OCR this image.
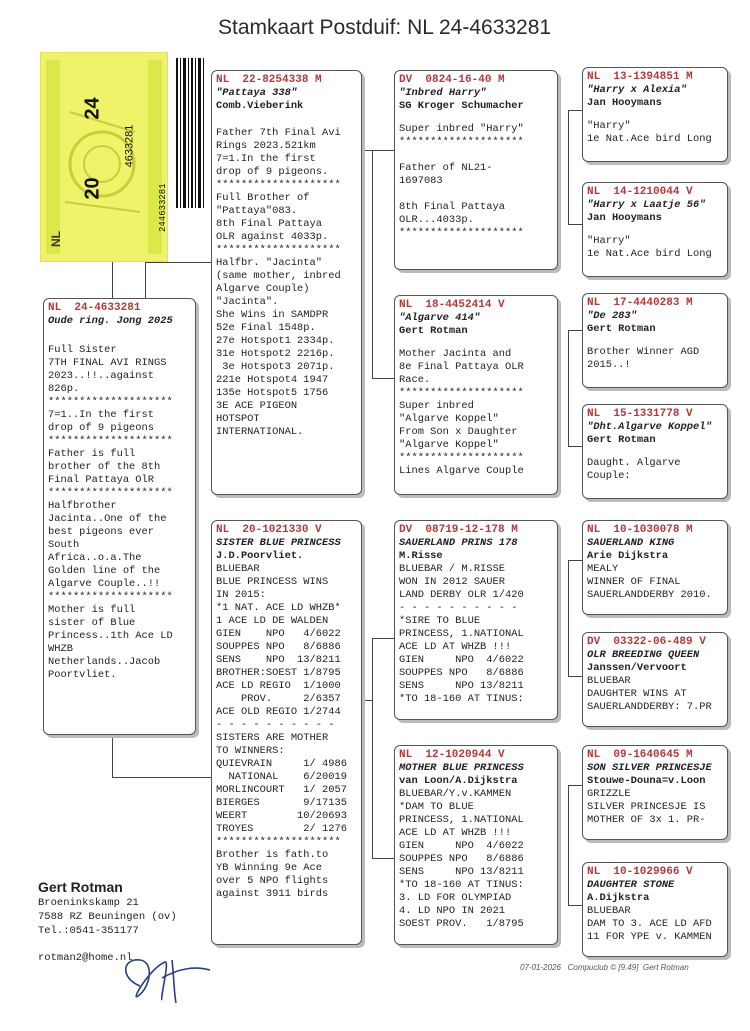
Stamkaart Postduif: NL 24-4633281
20
24
NL
4633281
244633281
NL  24-4633281
Oude ring. Jong 2025
Full Sister
7TH FINAL AVI RINGS
2023..!!..against
826p.
********************
7=1..In the first
drop of 9 pigeons
********************
Father is full
brother of the 8th
Final Pattaya OlR
********************
Halfbrother
Jacinta..One of the
best pigeons ever
South
Africa..o.a.The
Golden line of the
Algarve Couple..!!
********************
Mother is full
sister of Blue
Princess..1th Ace LD
WHZB
Netherlands..Jacob
Poortvliet.
NL  22-8254338 M
"Pattaya 338"
Comb.Vieberink
Father 7th Final Avi
Rings 2023.521km
7=1.In the first
drop of 9 pigeons.
********************
Full Brother of
"Pattaya"083.
8th Final Pattaya
OLR against 4033p.
********************
Halfbr. "Jacinta"
(same mother, inbred
Algarve Couple)
"Jacinta".
She Wins in SAMDPR
52e Final 1548p.
27e Hotspot1 2334p.
31e Hotspot2 2216p.
3e Hotspot3 2071p.
221e Hotspot4 1947
135e Hotspot5 1756
3E ACE PIGEON
HOTSPOT
INTERNATIONAL.
NL  20-1021330 V
SISTER BLUE PRINCESS
J.D.Poorvliet.
BLUEBAR
BLUE PRINCESS WINS
IN 2015:
*1 NAT. ACE LD WHZB*
1 ACE LD DE WALDEN
GIEN    NPO   4/6022
SOUPPES NPO   8/6886
SENS    NPO  13/8211
BROTHER:SOEST 1/8795
ACE LD REGIO  1/1000
PROV.     2/6357
ACE OLD REGIO 1/2744
- - - - - - - - - -
SISTERS ARE MOTHER
TO WINNERS:
QUIEVRAIN     1/ 4986
NATIONAL    6/20019
MORLINCOURT   1/ 2057
BIERGES       9/17135
WEERT        10/20693
TROYES        2/ 1276
********************
Brother is fath.to
YB Winning 9e Ace
over 5 NPO flights
against 3911 birds
DV  0824-16-40 M
"Inbred Harry"
SG Kroger Schumacher
Super inbred "Harry"
********************

Father of NL21-
1697083

8th Final Pattaya
OLR...4033p.
********************
NL  18-4452414 V
"Algarve 414"
Gert Rotman
Mother Jacinta and
8e Final Pattaya OLR
Race.
********************
Super inbred
"Algarve Koppel"
From Son x Daughter
"Algarve Koppel"
********************
Lines Algarve Couple
DV  08719-12-178 M
SAUERLAND PRINS 178
M.Risse
BLUEBAR / M.RISSE
WON IN 2012 SAUER
LAND DERBY OLR 1/420
- - - - - - - - - -
*SIRE TO BLUE
PRINCESS, 1.NATIONAL
ACE LD AT WHZB !!!
GIEN     NPO  4/6022
SOUPPES NPO   8/6886
SENS     NPO 13/8211
*TO 18-160 AT TINUS:
NL  12-1020944 V
MOTHER BLUE PRINCESS
van Loon/A.Dijkstra
BLUEBAR/Y.v.KAMMEN
*DAM TO BLUE
PRINCESS, 1.NATIONAL
ACE LD AT WHZB !!!
GIEN     NPO  4/6022
SOUPPES NPO   8/6886
SENS     NPO 13/8211
*TO 18-160 AT TINUS:
3. LD FOR OLYMPIAD
4. LD NPO IN 2021
SOEST PROV.   1/8795
NL  13-1394851 M
"Harry x Alexia"
Jan Hooymans
"Harry"
1e Nat.Ace bird Long
NL  14-1210044 V
"Harry x Laatje 56"
Jan Hooymans
"Harry"
1e Nat.Ace bird Long
NL  17-4440283 M
"De 283"
Gert Rotman
Brother Winner AGD
2015..!
NL  15-1331778 V
"Dht.Algarve Koppel"
Gert Rotman
Daught. Algarve
Couple:
NL  10-1030078 M
SAUERLAND KING
Arie Dijkstra
MEALY
WINNER OF FINAL
SAUERLANDDERBY 2010.
DV  03322-06-489 V
OLR BREEDING QUEEN
Janssen/Vervoort
BLUEBAR
DAUGHTER WINS AT
SAUERLANDDERBY: 7.PR
NL  09-1640645 M
SON SILVER PRINCESJE
Stouwe-Douna=v.Loon
GRIZZLE
SILVER PRINCESJE IS
MOTHER OF 3x 1. PR-
NL  10-1029966 V
DAUGHTER STONE
A.Dijkstra
BLUEBAR
DAM TO 3. ACE LD AFD
11 FOR YPE v. KAMMEN
Gert Rotman
Broeninkskamp 21
7588 RZ Beuningen (ov)
Tel.:0541-351177
rotman2@home.nl
07-01-2026 Compuclub © [9.49]  Gert Rotman
